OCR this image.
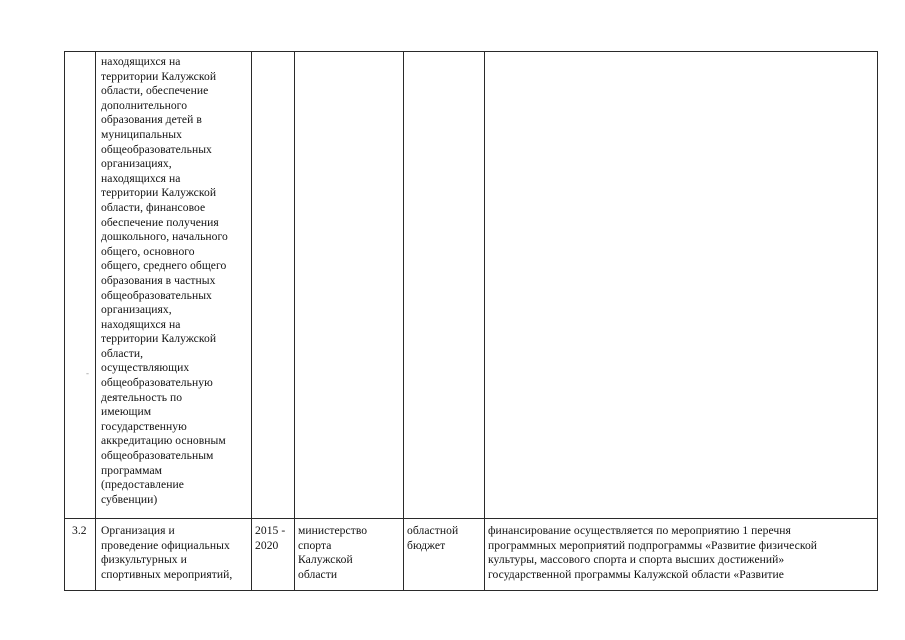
находящихся на
территории Калужской
области, обеспечение
дополнительного
образования детей в
муниципальных
общеобразовательных
организациях,
находящихся на
территории Калужской
области, финансовое
обеспечение получения
дошкольного, начального
общего, основного
общего, среднего общего
образования в частных
общеобразовательных
организациях,
находящихся на
территории Калужской
области,
осуществляющих
общеобразовательную
деятельность по
имеющим
государственную
аккредитацию основным
общеобразовательным
программам
(предоставление
субвенции)
-
3.2	Организация и
проведение официальных
физкультурных и
спортивных мероприятий,
2015 -
2020
министерство
спорта
Калужской
области
областной
бюджет
финансирование осуществляется по мероприятию 1 перечня
программных мероприятий подпрограммы «Развитие физической
культуры, массового спорта и спорта высших достижений»
государственной программы Калужской области «Развитие
